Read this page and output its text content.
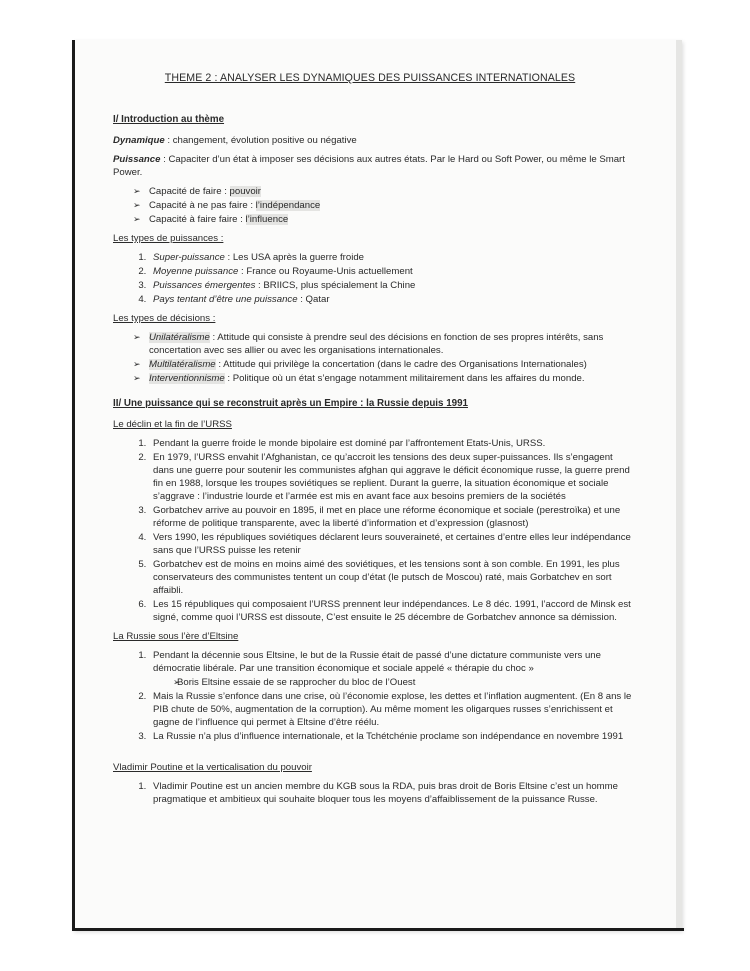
THEME 2 : ANALYSER LES DYNAMIQUES DES PUISSANCES INTERNATIONALES
I/ Introduction au thème

Dynamique : changement, évolution positive ou négative

Puissance : Capaciter d’un état à imposer ses décisions aux autres états. Par le Hard ou Soft Power, ou même le Smart Power.

➢ Capacité de faire : pouvoir
➢ Capacité à ne pas faire : l’indépendance
➢ Capacité à faire faire : l’influence
Les types de puissances :
1. Super-puissance : Les USA après la guerre froide
2. Moyenne puissance : France ou Royaume-Unis actuellement
3. Puissances émergentes : BRIICS, plus spécialement la Chine
4. Pays tentant d’être une puissance : Qatar
Les types de décisions :
➢ Unilatéralisme : Attitude qui consiste à prendre seul des décisions en fonction de ses propres intérêts, sans concertation avec ses allier ou avec les organisations internationales.
➢ Multilatéralisme : Attitude qui privilège la concertation (dans le cadre des Organisations Internationales)
➢ Interventionnisme : Politique où un état s’engage notamment militairement dans les affaires du monde.
II/ Une puissance qui se reconstruit après un Empire : la Russie depuis 1991
Le déclin et la fin de l’URSS
1. Pendant la guerre froide le monde bipolaire est dominé par l’affrontement Etats-Unis, URSS.
2. En 1979, l’URSS envahit l’Afghanistan, ce qu’accroit les tensions des deux super-puissances. Ils s’engagent dans une guerre pour soutenir les communistes afghan qui aggrave le déficit économique russe, la guerre prend fin en 1988, lorsque les troupes soviétiques se replient. Durant la guerre, la situation économique et sociale s’aggrave : l’industrie lourde et l’armée est mis en avant face aux besoins premiers de la sociétés
3. Gorbatchev arrive au pouvoir en 1895, il met en place une réforme économique et sociale (perestroïka) et une réforme de politique transparente, avec la liberté d’information et d’expression (glasnost)
4. Vers 1990, les républiques soviétiques déclarent leurs souveraineté, et certaines d’entre elles leur indépendance sans que l’URSS puisse les retenir
5. Gorbatchev est de moins en moins aimé des soviétiques, et les tensions sont à son comble. En 1991, les plus conservateurs des communistes tentent un coup d’état (le putsch de Moscou) raté, mais Gorbatchev en sort affaibli.
6. Les 15 républiques qui composaient l’URSS prennent leur indépendances. Le 8 déc. 1991, l’accord de Minsk est signé, comme quoi l’URSS est dissoute, C’est ensuite le 25 décembre de Gorbatchev annonce sa démission.
La Russie sous l’ère d’Eltsine
1. Pendant la décennie sous Eltsine, le but de la Russie était de passé d’une dictature communiste vers une démocratie libérale. Par une transition économique et sociale appelé « thérapie du choc »
➢ Boris Eltsine essaie de se rapprocher du bloc de l’Ouest
2. Mais la Russie s’enfonce dans une crise, où l’économie explose, les dettes et l’inflation augmentent. (En 8 ans le PIB chute de 50%, augmentation de la corruption). Au même moment les oligarques russes s’enrichissent et gagne de l’influence qui permet à Eltsine d’être réélu.
3. La Russie n’a plus d’influence internationale, et la Tchétchénie proclame son indépendance en novembre 1991
Vladimir Poutine et la verticalisation du pouvoir
1. Vladimir Poutine est un ancien membre du KGB sous la RDA, puis bras droit de Boris Eltsine c’est un homme pragmatique et ambitieux qui souhaite bloquer tous les moyens d’affaiblissement de la puissance Russe.
